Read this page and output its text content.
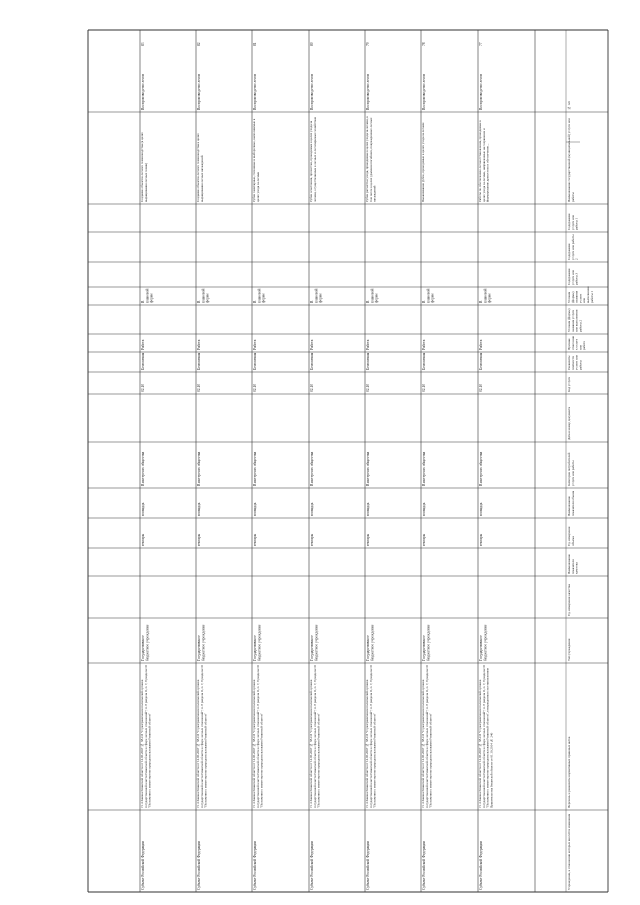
№ п/п
Наименование государственной (муниципальной) услуги или работы
Содержание услуги или работы 1
Содержание услуги или работы 2
Содержание услуги или работы 3
Условия (формы) оказания услуги или выполнения работы 1
Условия (формы) оказания услуги или выполнения работы 2
Признак отнесения к услуге или работе
Реквизиты платности услуги или работы
Код услуги
Дата и номер документа
Категории потребителей услуги или работы
Наименование показателя объема
Ед. измерения объема
Наименование показателя качества
Ед. измерения качества
Тип учреждения
Перечень и реквизиты нормативных правовых актов
Учреждения, в отношении которых вносятся изменения
77
Воспроизводство лесов
Работы по обеспечению лесовосстановления, проводимые в целях ухода за лесами, направленные на сохранение и формирование древостоев и обеспечение...
В плановой форме
Работа
Бесплатная
02.10
В интересах общества
площадь
гектары
Государственное бюджетное учреждение
ст. 4 Закона Рязанской области от 14.06.2007 № 68-ОЗ "О разграничении полномочий органов государственной власти Рязанской области в сфере лесных отношений"; п. 8 раздела II, п. 7, 8 раздела III "Положения о министерстве природопользования Рязанской области", утвержденного постановлением Правительства Рязанской области от 01.10.2014 № 240
Субъект Российской Федерации
78
Воспроизводство лесов
Выкашивание рубок, проводимые в целях ухода за лесами
В плановой форме
Работа
Бесплатная
02.10
В интересах общества
площадь
гектары
Государственное бюджетное учреждение
ст. 4 Закона Рязанской области от 14.06.2007 № 68-ОЗ "О разграничении полномочий органов государственной власти Рязанской области в сфере лесных отношений"; п. 8 раздела II, п. 7, 8 раздела III "Положения о министерстве природопользования Рязанской области"
Субъект Российской Федерации
79
Воспроизводство лесов
Рубки расчистки ухода, проводимые в целях ухода за лесами, в том числе в целях удаления погибших, поврежденных лесных насаждений
В плановой форме
Работа
Бесплатная
02.10
В интересах общества
площадь
гектары
Государственное бюджетное учреждение
ст. 4 Закона Рязанской области от 14.06.2007 № 68-ОЗ "О разграничении полномочий органов государственной власти Рязанской области в сфере лесных отношений"; п. 8 раздела II, п. 7, 8 раздела III "Положения о министерстве природопользования Рязанской области"
Субъект Российской Федерации
80
Воспроизводство лесов
Рубки осветления, прочистки, проводимые в целях ухода за лесами, осуществляемые в лесных и лесопарковых хозяйствах
В плановой форме
Работа
Бесплатная
02.10
В интересах общества
площадь
гектары
Государственное бюджетное учреждение
ст. 4 Закона Рязанской области от 14.06.2007 № 68-ОЗ "О разграничении полномочий органов государственной власти Рязанской области в сфере лесных отношений"; п. 8 раздела II, п. 7, 8 раздела III "Положения о министерстве природопользования Рязанской области"
Субъект Российской Федерации
81
Воспроизводство лесов
Рубки санитарные, сплошные и выборочные, выполняемые в целях ухода за лесами
В плановой форме
Работа
Бесплатная
02.10
В интересах общества
площадь
гектары
Государственное бюджетное учреждение
ст. 4 Закона Рязанской области от 14.06.2007 № 68-ОЗ "О разграничении полномочий органов государственной власти Рязанской области в сфере лесных отношений"; п. 8 раздела II, п. 7, 8 раздела III "Положения о министерстве природопользования Рязанской области"
Субъект Российской Федерации
82
Воспроизводство лесов
Создание объектов лесного семеноводства в целях выращивания лесных насаждений
В плановой форме
Работа
Бесплатная
02.10
В интересах общества
площадь
гектары
Государственное бюджетное учреждение
ст. 4 Закона Рязанской области от 14.06.2007 № 68-ОЗ "О разграничении полномочий органов государственной власти Рязанской области в сфере лесных отношений"; п. 8 раздела II, п. 7, 8 раздела III "Положения о министерстве природопользования Рязанской области"
Субъект Российской Федерации
83
Воспроизводство лесов
Создание объектов лесного семеноводства (в целях выращивания лесных семян)
В плановой форме
Работа
Бесплатная
02.10
В интересах общества
площадь
гектары
Государственное бюджетное учреждение
ст. 4 Закона Рязанской области от 14.06.2007 № 68-ОЗ "О разграничении полномочий органов государственной власти Рязанской области в сфере лесных отношений"; п. 8 раздела II, п. 7, 8 раздела III "Положения о министерстве природопользования Рязанской области"
Субъект Российской Федерации
